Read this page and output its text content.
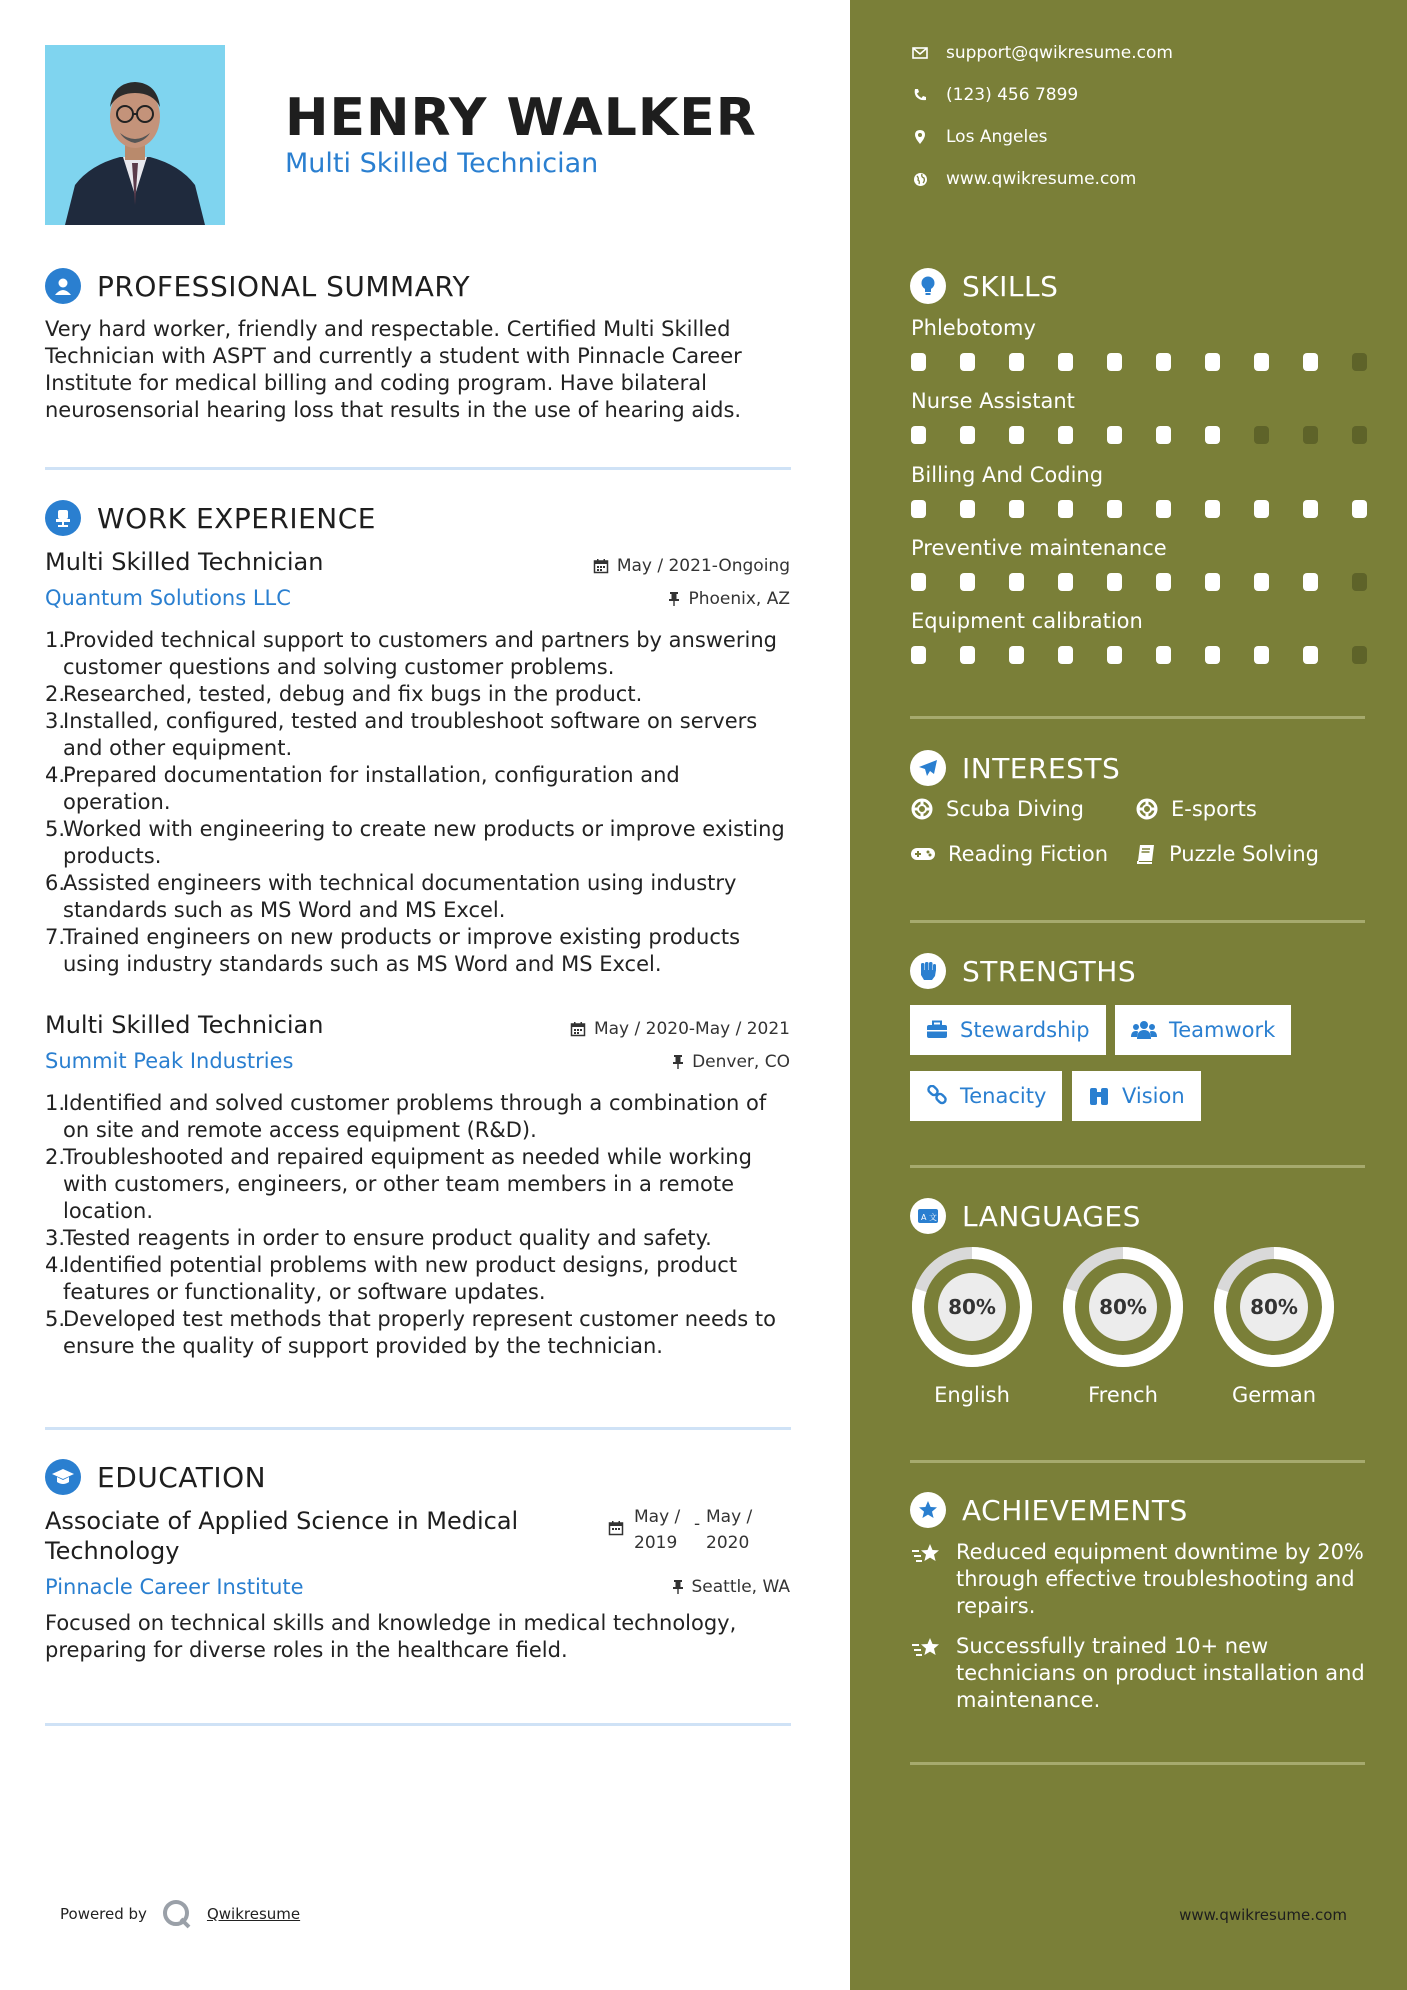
HENRY WALKER
Multi Skilled Technician
PROFESSIONAL SUMMARY
Very hard worker, friendly and respectable. Certified Multi Skilled Technician with ASPT and currently a student with Pinnacle Career Institute for medical billing and coding program. Have bilateral neurosensorial hearing loss that results in the use of hearing aids.
WORK EXPERIENCE
Multi Skilled Technician	May / 2021-Ongoing
Quantum Solutions LLC	Phoenix, AZ
1.
Provided technical support to customers and partners by answering customer questions and solving customer problems.
2.
Researched, tested, debug and fix bugs in the product.
3.
Installed, configured, tested and troubleshoot software on servers and other equipment.
4.
Prepared documentation for installation, configuration and operation.
5.
Worked with engineering to create new products or improve existing products.
6.
Assisted engineers with technical documentation using industry standards such as MS Word and MS Excel.
7.
Trained engineers on new products or improve existing products using industry standards such as MS Word and MS Excel.
Multi Skilled Technician	May / 2020-May / 2021
Summit Peak Industries	Denver, CO
1.
Identified and solved customer problems through a combination of on site and remote access equipment (R&D).
2.
Troubleshooted and repaired equipment as needed while working with customers, engineers, or other team members in a remote location.
3.
Tested reagents in order to ensure product quality and safety.
4.
Identified potential problems with new product designs, product features or functionality, or software updates.
5.
Developed test methods that properly represent customer needs to ensure the quality of support provided by the technician.
EDUCATION
Associate of Applied Science in Medical Technology
May / 2019
- May / 2020
Pinnacle Career Institute	Seattle, WA
Focused on technical skills and knowledge in medical technology, preparing for diverse roles in the healthcare field.
Powered by	Qwikresume
support@qwikresume.com
(123) 456 7899
Los Angeles
www.qwikresume.com
SKILLS
Phlebotomy
Nurse Assistant
Billing And Coding
Preventive maintenance
Equipment calibration
INTERESTS
Scuba Diving	E-sports
Reading Fiction	Puzzle Solving
STRENGTHS
Stewardship	Teamwork
Tenacity	Vision
A 文 LANGUAGES
80%
English
80%
French
80%
German
ACHIEVEMENTS
Reduced equipment downtime by 20% through effective troubleshooting and repairs.
Successfully trained 10+ new technicians on product installation and maintenance.
www.qwikresume.com
